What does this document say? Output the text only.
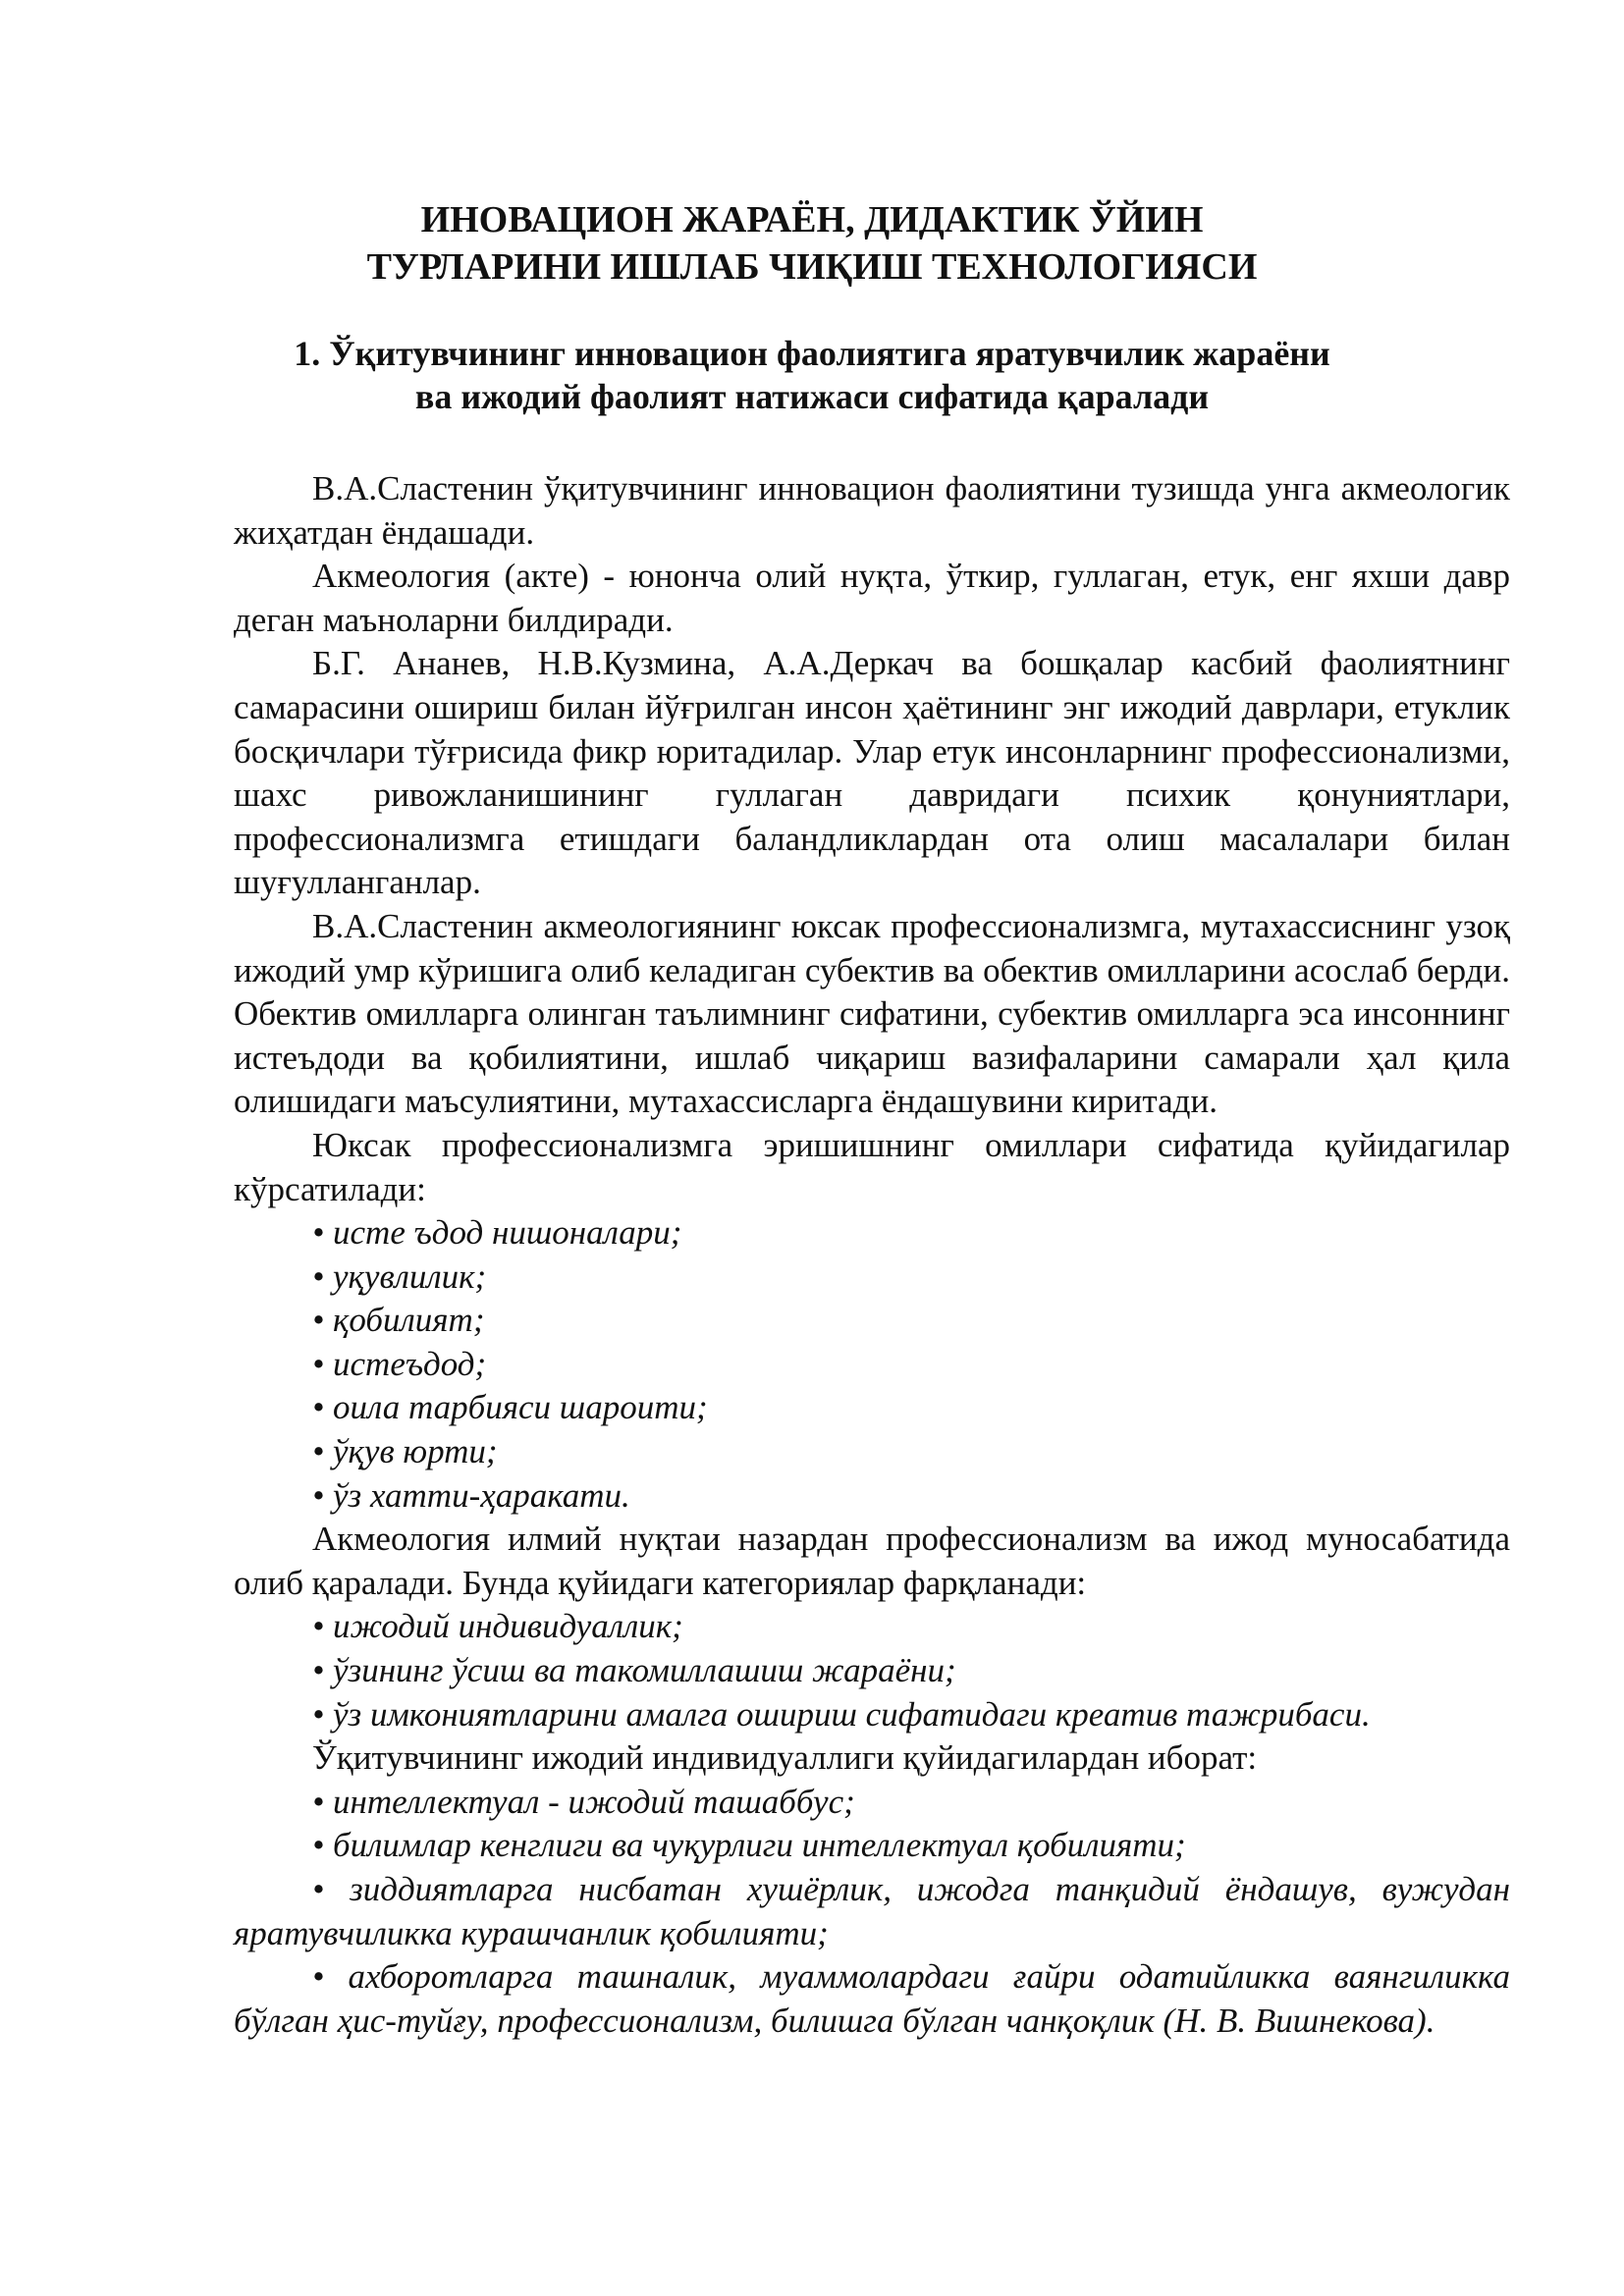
ИНОВАЦИОН ЖАРАЁН, ДИДАКТИК ЎЙИН
ТУРЛАРИНИ ИШЛАБ ЧИҚИШ ТЕХНОЛОГИЯСИ
1. Ўқитувчининг инновацион фаолиятига яратувчилик жараёни
ва ижодий фаолият натижаси сифатида қаралади

В.А.Сластенин ўқитувчининг инновацион фаолиятини тузишда унга акмеологик жиҳатдан ёндашади.

Акмеология (акте) - юнонча олий нуқта, ўткир, гуллаган, етук, енг яхши давр деган маъноларни билдиради.

Б.Г. Ананев, Н.В.Кузмина, А.А.Деркач ва бошқалар касбий фаолиятнинг самарасини ошириш билан йўғрилган инсон ҳаётининг энг ижодий даврлари, етуклик босқичлари тўғрисида фикр юритадилар. Улар етук инсонларнинг профессионализми, шахс ривожланишининг гуллаган давридаги психик қонуниятлари, профессионализмга етишдаги баландликлардан ота олиш масалалари билан шуғулланганлар.

В.А.Сластенин акмеологиянинг юксак профессионализмга, мутахассиснинг узоқ ижодий умр кўришига олиб келадиган субектив ва обектив омилларини асослаб берди. Обектив омилларга олинган таълимнинг сифатини, субектив омилларга эса инсоннинг истеъдоди ва қобилиятини, ишлаб чиқариш вазифаларини самарали ҳал қила олишидаги маъсулиятини, мутахассисларга ёндашувини киритади.

Юксак профессионализмга эришишнинг омиллари сифатида қуйидагилар кўрсатилади:

• исте ъдод нишоналари;
• уқувлилик;
• қобилият;
• истеъдод;
• оила тарбияси шароити;
• ўқув юрти;
• ўз хатти-ҳаракати.

Акмеология илмий нуқтаи назардан профессионализм ва ижод муносабатида олиб қаралади. Бунда қуйидаги категориялар фарқланади:

• ижодий индивидуаллик;
• ўзининг ўсиш ва такомиллашиш жараёни;
• ўз имкониятларини амалга ошириш сифатидаги креатив тажрибаси.

Ўқитувчининг ижодий индивидуаллиги қуйидагилардан иборат:

• интеллектуал - ижодий ташаббус;
• билимлар кенглиги ва чуқурлиги интеллектуал қобилияти;
• зиддиятларга нисбатан хушёрлик, ижодга танқидий ёндашув, вужудан яратувчиликка курашчанлик қобилияти;
• ахборотларга ташналик, муаммолардаги ғайри одатийликка ваянгиликка бўлган ҳис-туйғу, профессионализм, билишга бўлган чанқоқлик (Н. В. Вишнекова).
